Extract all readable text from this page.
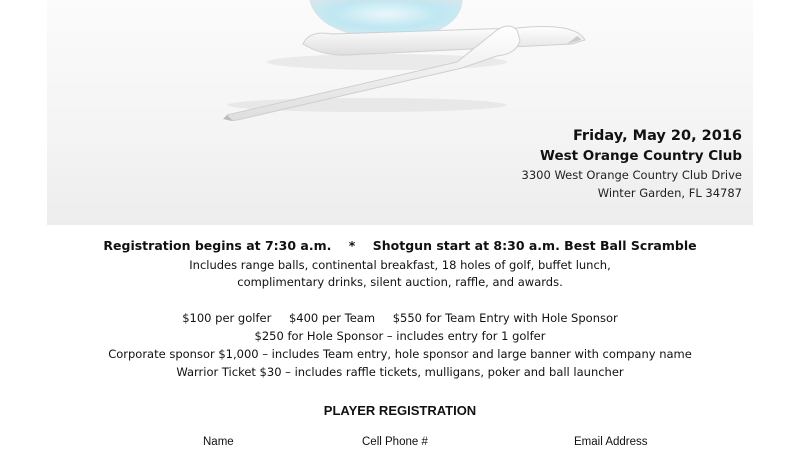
Friday, May 20, 2016
West Orange Country Club
3300 West Orange Country Club Drive
Winter Garden, FL 34787
Registration begins at 7:30 a.m. * Shotgun start at 8:30 a.m. Best Ball Scramble
Includes range balls, continental breakfast, 18 holes of golf, buffet lunch,
complimentary drinks, silent auction, raffle, and awards.
$100 per golfer $400 per Team $550 for Team Entry with Hole Sponsor
$250 for Hole Sponsor – includes entry for 1 golfer
Corporate sponsor $1,000 – includes Team entry, hole sponsor and large banner with company name
Warrior Ticket $30 – includes raffle tickets, mulligans, poker and ball launcher
PLAYER REGISTRATION
Name	Cell Phone #	Email Address
